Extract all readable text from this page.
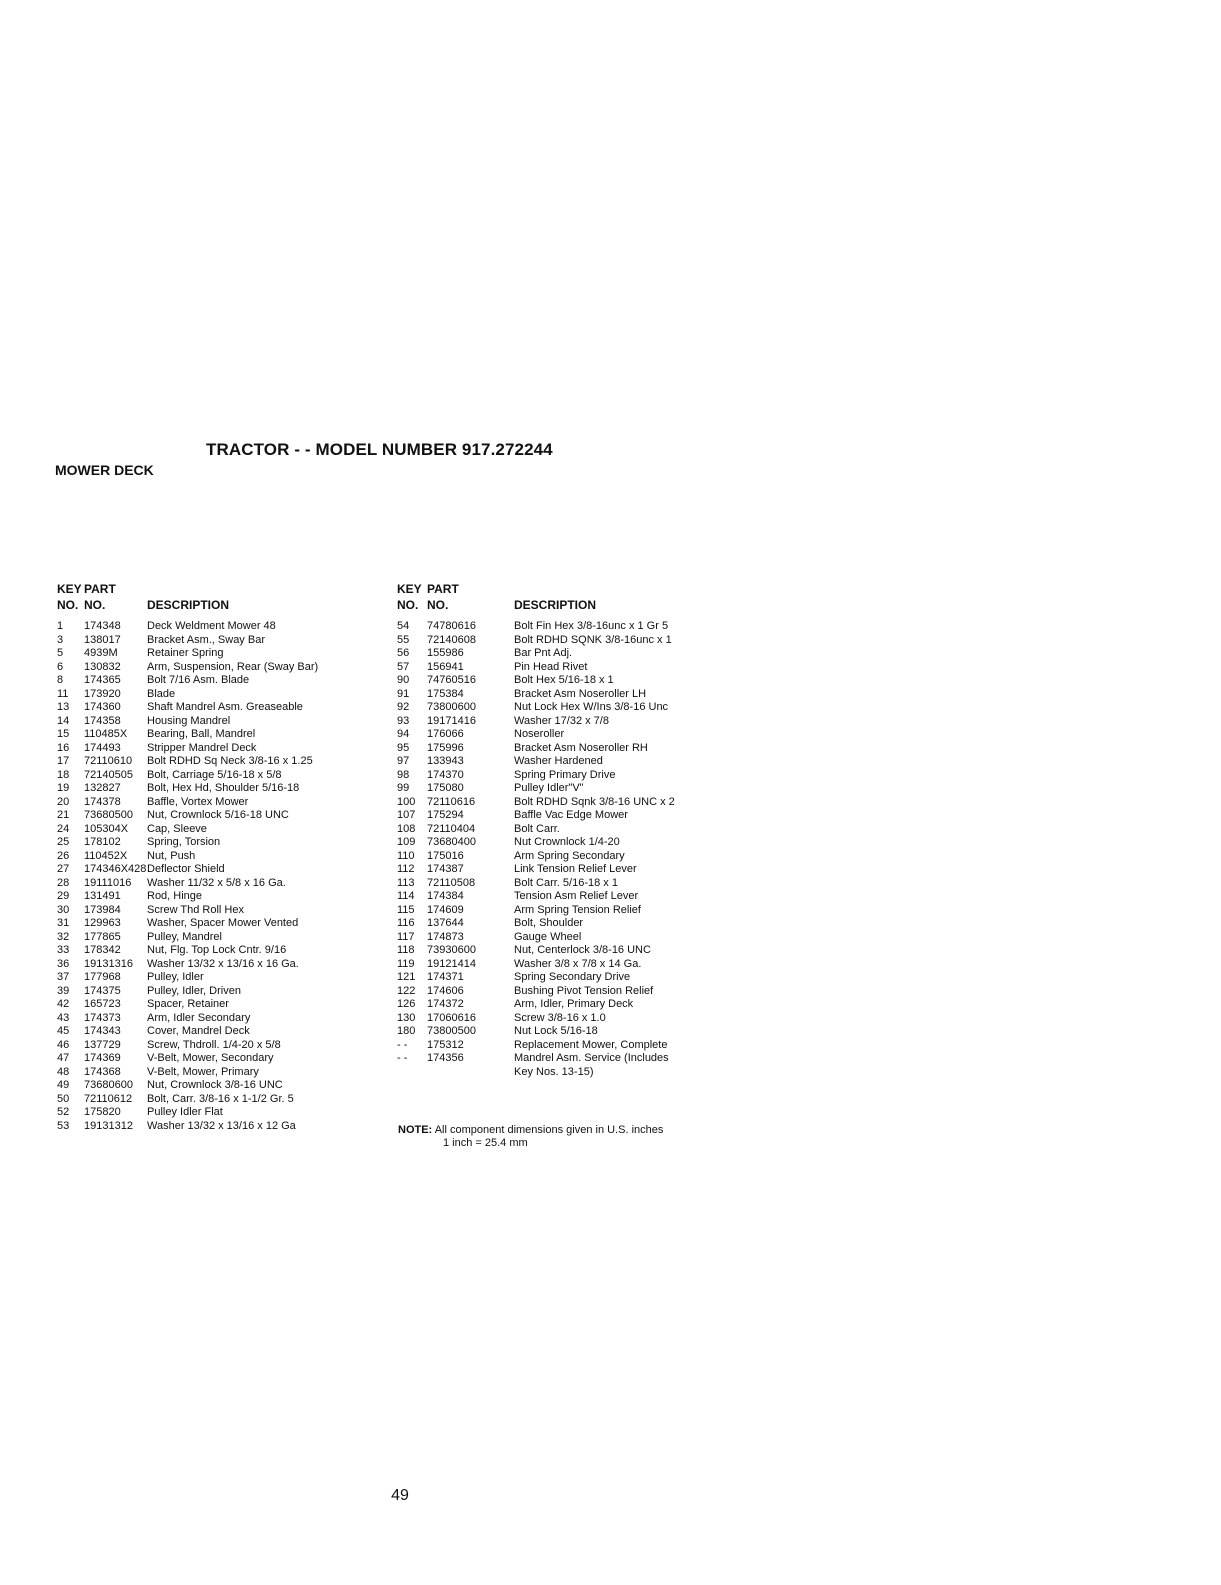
TRACTOR - - MODEL NUMBER 917.272244
MOWER DECK
KEY PART
NO. NO.	DESCRIPTION
1 174348 Deck Weldment Mower 48
3 138017 Bracket Asm., Sway Bar
5 4939M	Retainer Spring
6 130832 Arm, Suspension, Rear (Sway Bar)
8 174365 Bolt 7/16 Asm. Blade
11 173920 Blade
13 174360 Shaft Mandrel Asm. Greaseable
14 174358 Housing Mandrel
15 110485X Bearing, Ball, Mandrel
16 174493 Stripper Mandrel Deck
17 72110610 Bolt RDHD Sq Neck 3/8-16 x 1.25
18 72140505 Bolt, Carriage 5/16-18 x 5/8
19 132827 Bolt, Hex Hd, Shoulder 5/16-18
20 174378 Baffle, Vortex Mower
21 73680500 Nut, Crownlock 5/16-18 UNC
24 105304X Cap, Sleeve
25 178102 Spring, Torsion
26 110452X Nut, Push
27 174346X428 Deflector Shield
28 19111016 Washer 11/32 x 5/8 x 16 Ga.
29 131491 Rod, Hinge
30 173984 Screw Thd Roll Hex
31 129963 Washer, Spacer Mower Vented
32 177865 Pulley, Mandrel
33 178342 Nut, Flg. Top Lock Cntr. 9/16
36 19131316 Washer 13/32 x 13/16 x 16 Ga.
37 177968 Pulley, Idler
39 174375 Pulley, Idler, Driven
42 165723 Spacer, Retainer
43 174373 Arm, Idler Secondary
45 174343 Cover, Mandrel Deck
46 137729 Screw, Thdroll. 1/4-20 x 5/8
47 174369 V-Belt, Mower, Secondary
48 174368 V-Belt, Mower, Primary
49 73680600 Nut, Crownlock 3/8-16 UNC
50 72110612 Bolt, Carr. 3/8-16 x 1-1/2 Gr. 5
52 175820 Pulley Idler Flat
53 19131312 Washer 13/32 x 13/16 x 12 Ga
KEY PART
NO. NO.	DESCRIPTION
54 74780616	Bolt Fin Hex 3/8-16unc x 1 Gr 5
55 72140608	Bolt RDHD SQNK 3/8-16unc x 1
56 155986	Bar Pnt Adj.
57 156941	Pin Head Rivet
90 74760516	Bolt Hex 5/16-18 x 1
91 175384	Bracket Asm Noseroller LH
92 73800600	Nut Lock Hex W/Ins 3/8-16 Unc
93 19171416	Washer 17/32 x 7/8
94 176066	Noseroller
95 175996	Bracket Asm Noseroller RH
97 133943	Washer Hardened
98 174370	Spring Primary Drive
99 175080	Pulley Idler"V"
100 72110616	Bolt RDHD Sqnk 3/8-16 UNC x 2
107 175294	Baffle Vac Edge Mower
108 72110404	Bolt Carr.
109 73680400	Nut Crownlock 1/4-20
110 175016	Arm Spring Secondary
112 174387	Link Tension Relief Lever
113 72110508	Bolt Carr. 5/16-18 x 1
114 174384	Tension Asm Relief Lever
115 174609	Arm Spring Tension Relief
116 137644	Bolt, Shoulder
117 174873	Gauge Wheel
118 73930600	Nut, Centerlock 3/8-16 UNC
119 19121414	Washer 3/8 x 7/8 x 14 Ga.
121 174371	Spring Secondary Drive
122 174606	Bushing Pivot Tension Relief
126 174372	Arm, Idler, Primary Deck
130 17060616	Screw 3/8-16 x 1.0
180 73800500	Nut Lock 5/16-18
- - 175312	Replacement Mower, Complete
- - 174356	Mandrel Asm. Service (Includes
Key Nos. 13-15)
NOTE: All component dimensions given in U.S. inches
1 inch = 25.4 mm
49
